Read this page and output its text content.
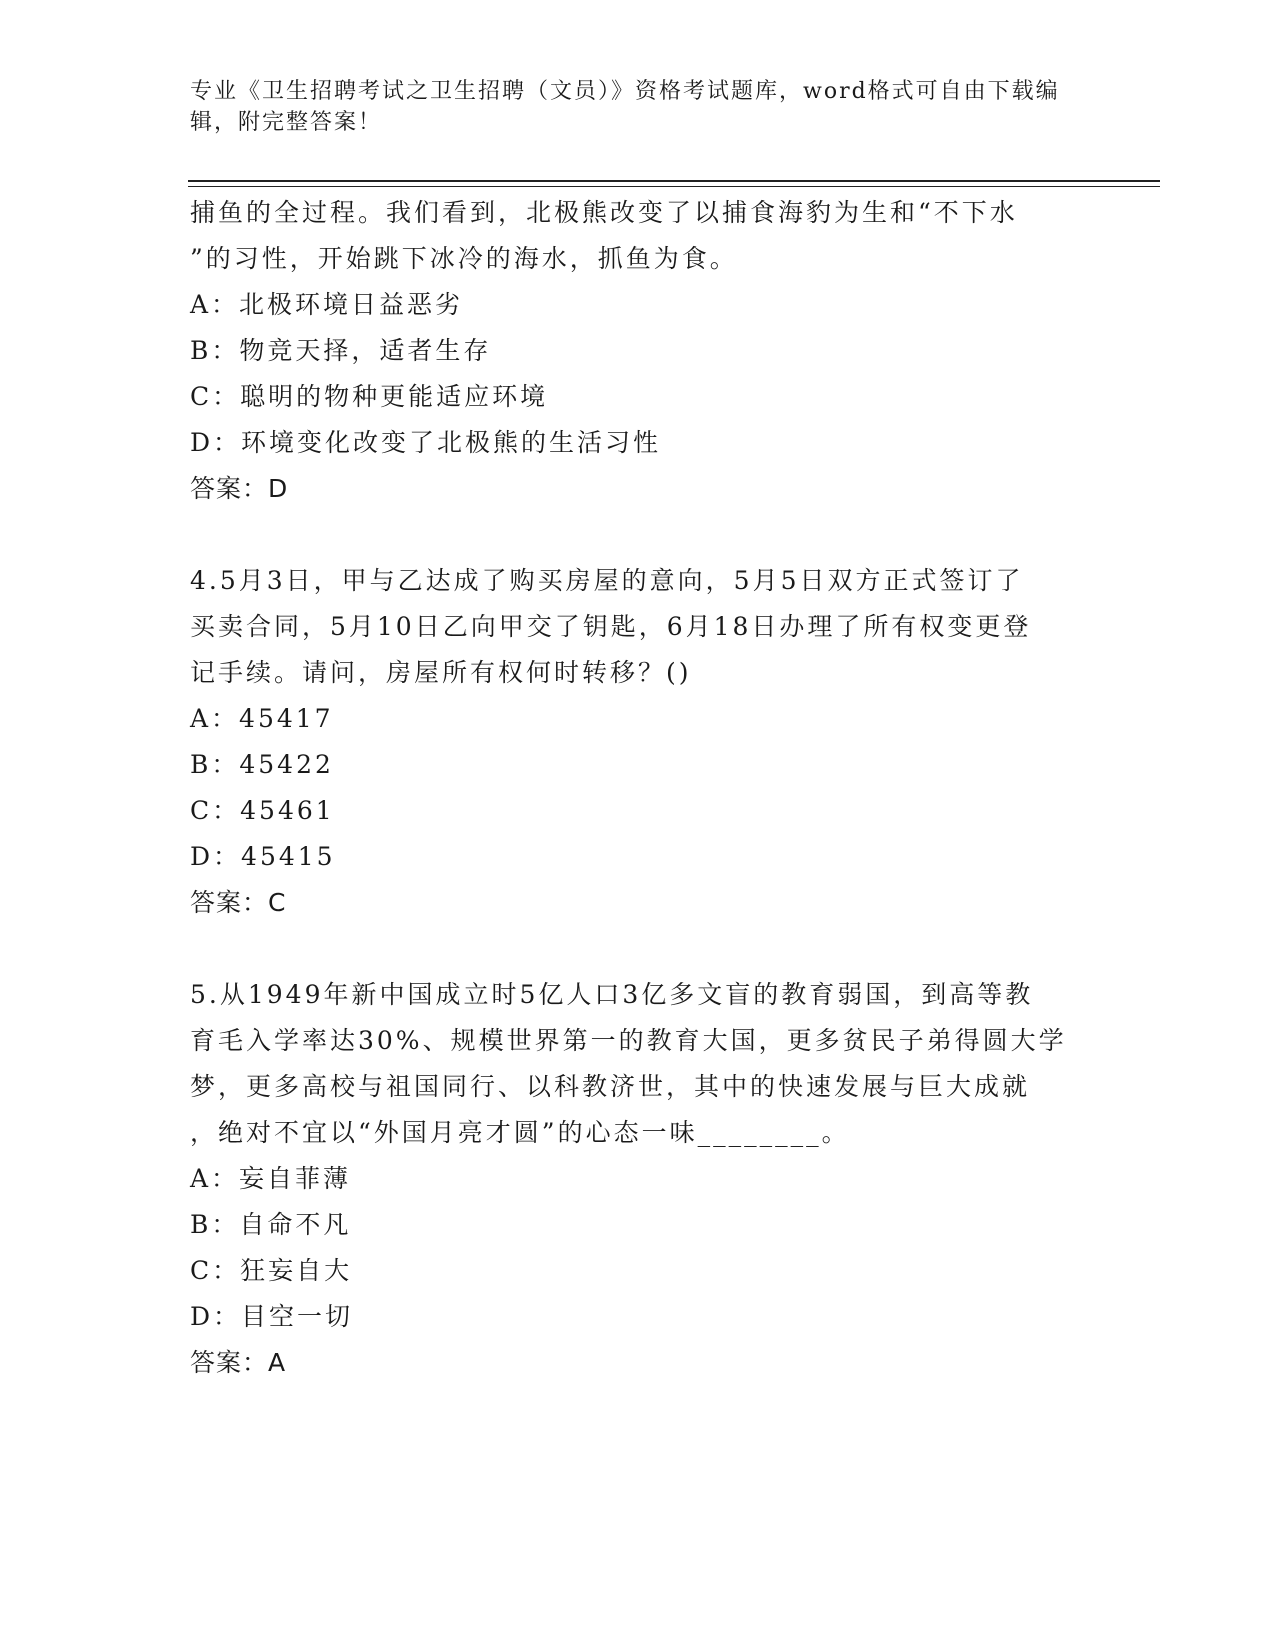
专业《卫生招聘考试之卫生招聘（文员）》资格考试题库，word格式可自由下载编辑，附完整答案！

捕鱼的全过程。我们看到，北极熊改变了以捕食海豹为生和“不下水

”的习性，开始跳下冰冷的海水，抓鱼为食。

A：北极环境日益恶劣

B：物竞天择，适者生存

C：聪明的物种更能适应环境

D：环境变化改变了北极熊的生活习性

答案：D

4.5月3日，甲与乙达成了购买房屋的意向，5月5日双方正式签订了

买卖合同，5月10日乙向甲交了钥匙，6月18日办理了所有权变更登

记手续。请问，房屋所有权何时转移？()

A：45417

B：45422

C：45461

D：45415

答案：C

5.从1949年新中国成立时5亿人口3亿多文盲的教育弱国，到高等教

育毛入学率达30%、规模世界第一的教育大国，更多贫民子弟得圆大学

梦，更多高校与祖国同行、以科教济世，其中的快速发展与巨大成就

，绝对不宜以“外国月亮才圆”的心态一味________。

A：妄自菲薄

B：自命不凡

C：狂妄自大

D：目空一切

答案：A
